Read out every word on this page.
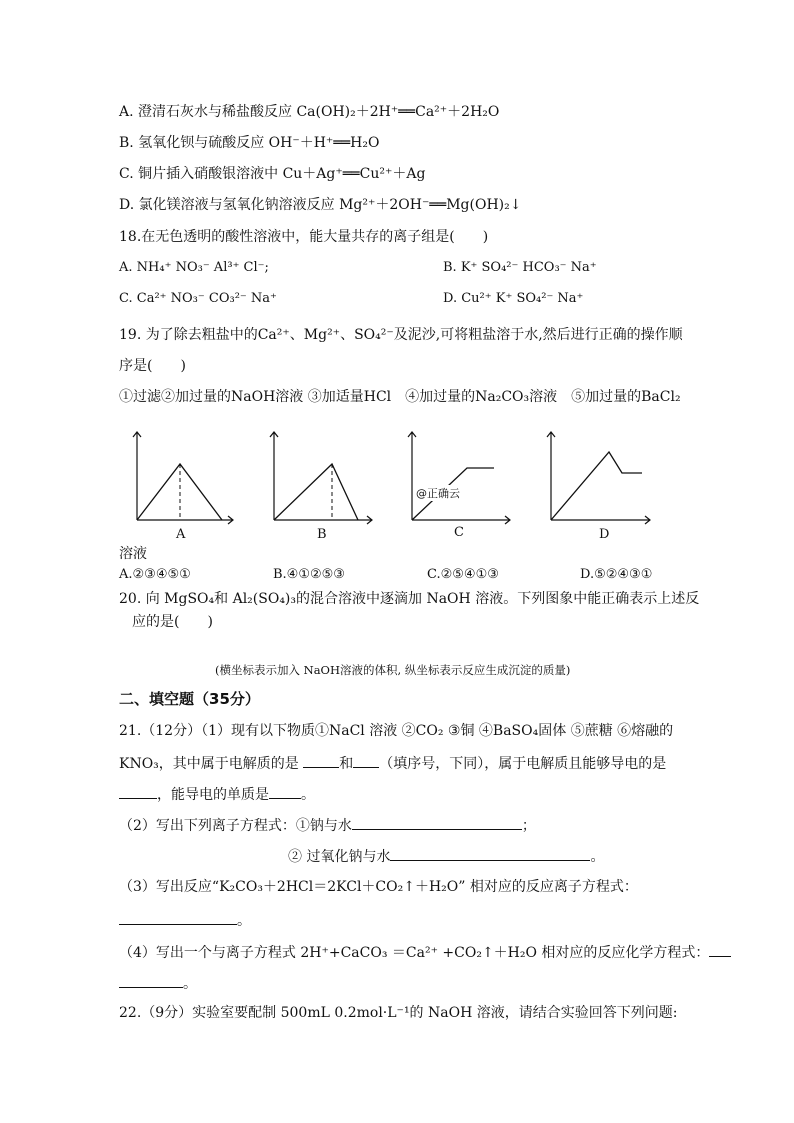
A. 澄清石灰水与稀盐酸反应 Ca(OH)₂＋2H⁺══Ca²⁺＋2H₂O
B. 氢氧化钡与硫酸反应 OH⁻＋H⁺══H₂O
C. 铜片插入硝酸银溶液中 Cu＋Ag⁺══Cu²⁺＋Ag
D. 氯化镁溶液与氢氧化钠溶液反应 Mg²⁺＋2OH⁻══Mg(OH)₂↓
18.在无色透明的酸性溶液中，能大量共存的离子组是(　　)
A. NH₄⁺ NO₃⁻ Al³⁺ Cl⁻;	B. K⁺ SO₄²⁻ HCO₃⁻ Na⁺
C. Ca²⁺ NO₃⁻ CO₃²⁻ Na⁺	D. Cu²⁺ K⁺ SO₄²⁻ Na⁺
19. 为了除去粗盐中的Ca²⁺、Mg²⁺、SO₄²⁻及泥沙,可将粗盐溶于水,然后进行正确的操作顺
序是(　　)
①过滤②加过量的NaOH溶液 ③加适量HCl　④加过量的Na₂CO₃溶液　⑤加过量的BaCl₂
A	B
@正确云
C	D
溶液
A.②③④⑤①	B.④①②⑤③	C.②⑤④①③	D.⑤②④③①
20. 向 MgSO₄和 Al₂(SO₄)₃的混合溶液中逐滴加 NaOH 溶液。下列图象中能正确表示上述反
应的是(　　)
(横坐标表示加入 NaOH溶液的体积, 纵坐标表示反应生成沉淀的质量)
二、填空题（35分）
21.（12分）（1）现有以下物质①NaCl 溶液 ②CO₂ ③铜 ④BaSO₄固体 ⑤蔗糖 ⑥熔融的
KNO₃，其中属于电解质的是	和 （填序号，下同），属于电解质且能够导电的是
，能导电的单质是 。
（2）写出下列离子方程式：①钠与水	；
② 过氧化钠与水	。
（3）写出反应“K₂CO₃＋2HCl＝2KCl＋CO₂↑＋H₂O” 相对应的反应离子方程式：
。
（4）写出一个与离子方程式 2H⁺+CaCO₃ ＝Ca²⁺ +CO₂↑＋H₂O 相对应的反应化学方程式：
。
22.（9分）实验室要配制 500mL 0.2mol·L⁻¹的 NaOH 溶液，请结合实验回答下列问题:
